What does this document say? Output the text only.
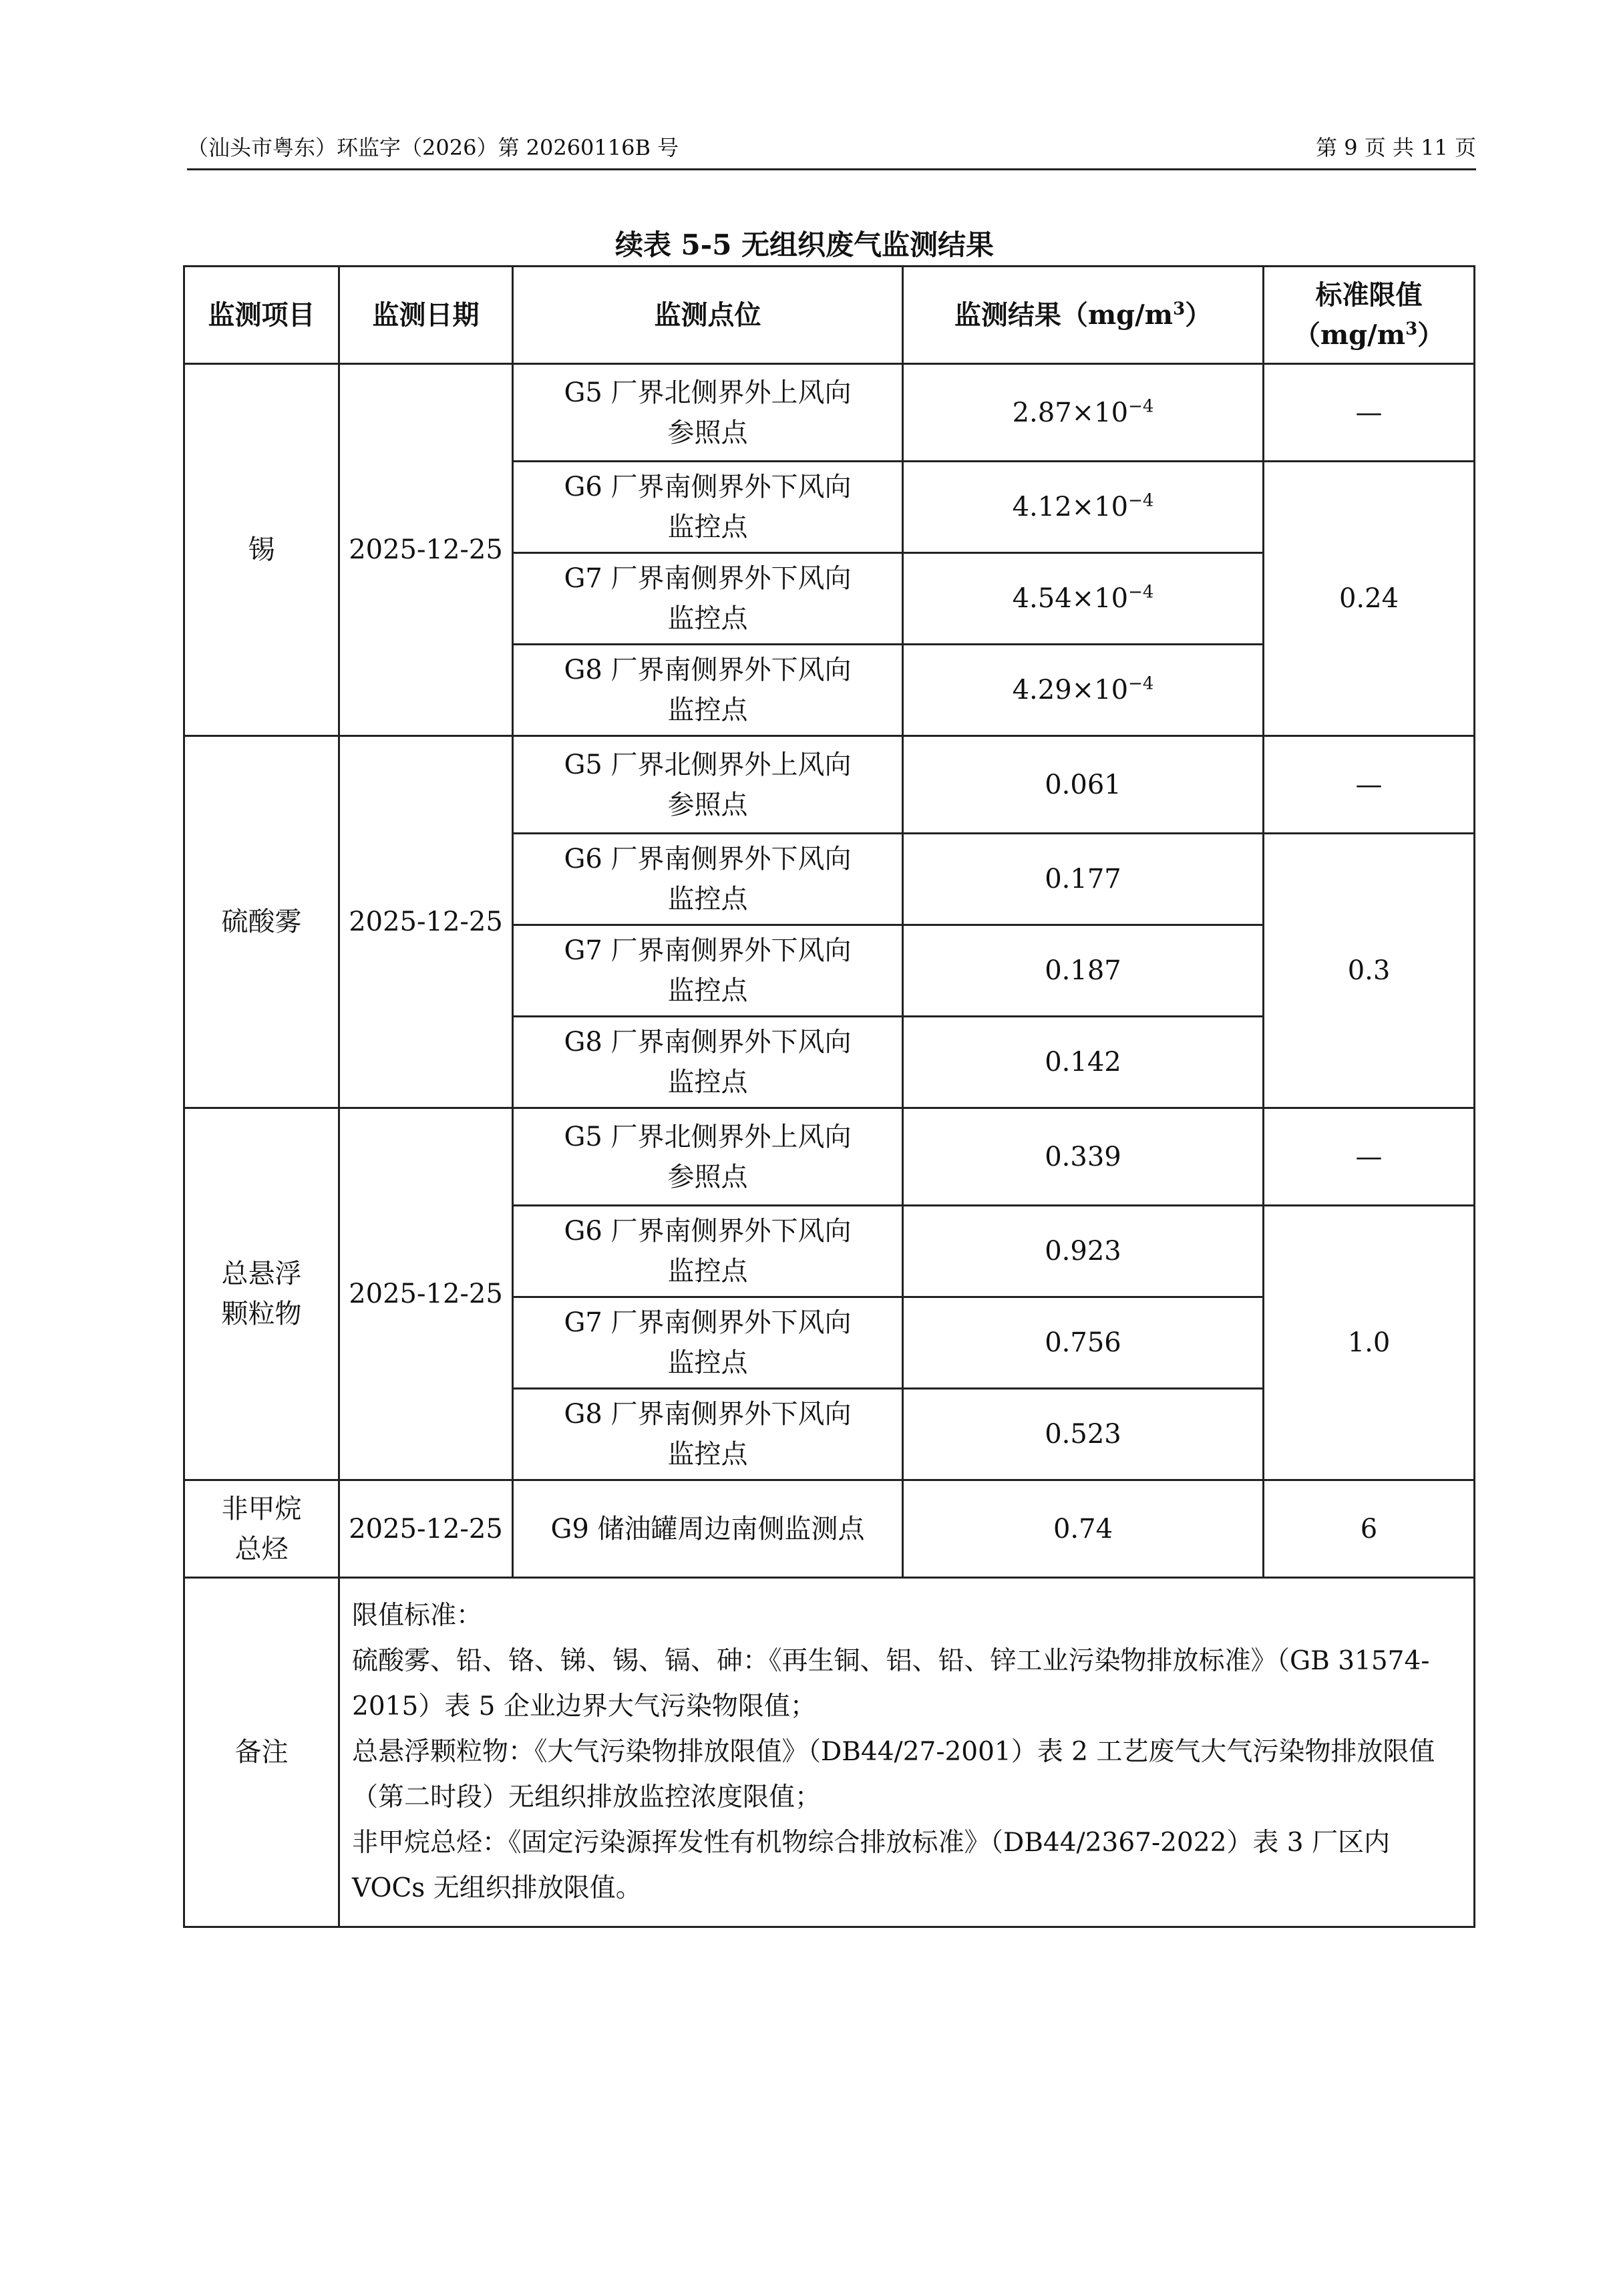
（汕头市粤东）环监字（2026）第 20260116B 号	第 9 页 共 11 页
续表 5-5 无组织废气监测结果
监测项目	监测日期	监测点位	监测结果$(mg/m^3)$	标准限值
$(mg/m^3)$
锡	2025-12-25	G5 厂界北侧界外上风向
参照点	$2.87\times 10^{-4}$	—
		G6 厂界南侧界外下风向
监控点	$4.12\times 10^{-4}$	0.24
		G7 厂界南侧界外下风向
监控点	$4.54\times 10^{-4}$
		G8 厂界南侧界外下风向
监控点	$4.29\times 10^{-4}$
硫酸雾	2025-12-25	G5 厂界北侧界外上风向
参照点	0.061	—
		G6 厂界南侧界外下风向
监控点	0.177	0.3
		G7 厂界南侧界外下风向
监控点	0.187	
		G8 厂界南侧界外下风向
监控点	0.142	
总悬浮
颗粒物	2025-12-25	G5 厂界北侧界外上风向
参照点	0.339	—
		G6 厂界南侧界外下风向
监控点	0.923	1.0
		G7 厂界南侧界外下风向
监控点	0.756	
		G8 厂界南侧界外下风向
监控点	0.523	
非甲烷
总烃	2025-12-25	G9 储油罐周边南侧监测点	0.74	6
备注	限值标准：
硫酸雾、铅、铬、锑、锡、镉、砷：《再生铜、铝、铅、锌工业污染物排放标准》（GB 31574-2015）表 5 企业边界大气污染物限值；
总悬浮颗粒物：《大气污染物排放限值》（DB44/27-2001）表 2 工艺废气大气污染物排放限值（第二时段）无组织排放监控浓度限值；
非甲烷总烃：《固定污染源挥发性有机物综合排放标准》（DB44/2367-2022）表 3 厂区内 VOCs 无组织排放限值。			
